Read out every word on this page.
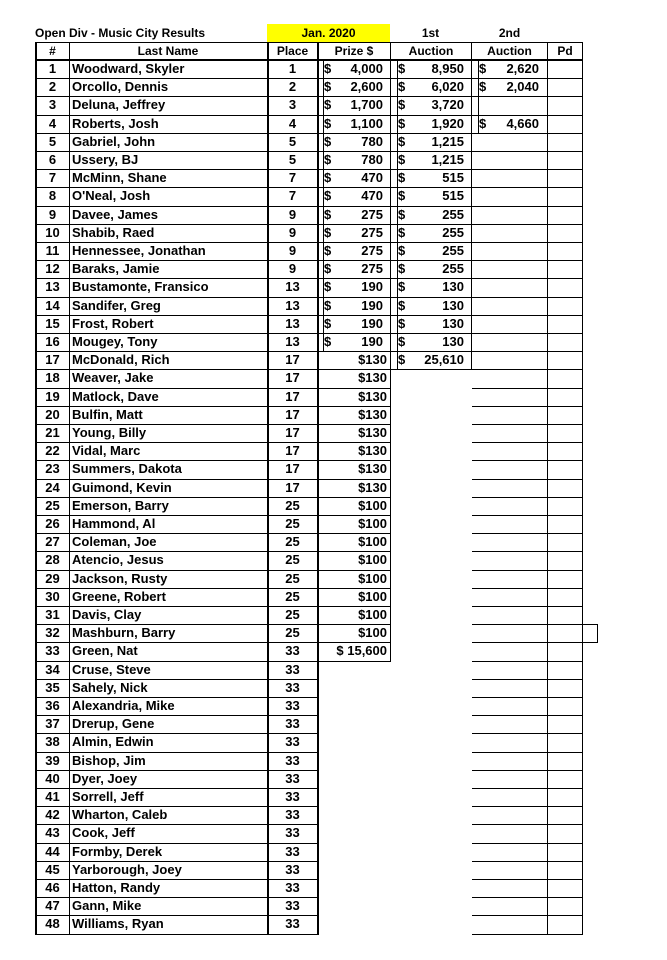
Open Div - Music City Results	Jan. 2020	1st	2nd
#	Last Name	Place	Prize $	Auction	Auction	Pd
1	Woodward, Skyler	1	$	4,000 $	8,950 $	2,620
2	Orcollo, Dennis	2	$	2,600 $	6,020 $	2,040
3	Deluna, Jeffrey	3	$	1,700 $	3,720
4	Roberts, Josh	4	$	1,100 $	1,920 $	4,660
5	Gabriel, John	5	$	780 $	1,215
6	Ussery, BJ	5	$	780 $	1,215
7	McMinn, Shane	7	$	470 $	515
8	O'Neal, Josh	7	$	470 $	515
9	Davee, James	9	$	275 $	255
10 Shabib, Raed	9	$	275 $	255
11 Hennessee, Jonathan	9	$	275 $	255
12 Baraks, Jamie	9	$	275 $	255
13 Bustamonte, Fransico	13	$	190 $	130
14 Sandifer, Greg	13	$	190 $	130
15 Frost, Robert	13	$	190 $	130
16 Mougey, Tony	13	$	190 $	130
17 McDonald, Rich	17	$130 $	25,610
18 Weaver, Jake	17	$130
19 Matlock, Dave	17	$130
20 Bulfin, Matt	17	$130
21 Young, Billy	17	$130
22 Vidal, Marc	17	$130
23 Summers, Dakota	17	$130
24 Guimond, Kevin	17	$130
25 Emerson, Barry	25	$100
26 Hammond, Al	25	$100
27 Coleman, Joe	25	$100
28 Atencio, Jesus	25	$100
29 Jackson, Rusty	25	$100
30 Greene, Robert	25	$100
31 Davis, Clay	25	$100
32 Mashburn, Barry	25	$100
33 Green, Nat	33	$ 15,600
34 Cruse, Steve	33
35 Sahely, Nick	33
36 Alexandria, Mike	33
37 Drerup, Gene	33
38 Almin, Edwin	33
39 Bishop, Jim	33
40 Dyer, Joey	33
41 Sorrell, Jeff	33
42 Wharton, Caleb	33
43 Cook, Jeff	33
44 Formby, Derek	33
45 Yarborough, Joey	33
46 Hatton, Randy	33
47 Gann, Mike	33
48 Williams, Ryan	33
